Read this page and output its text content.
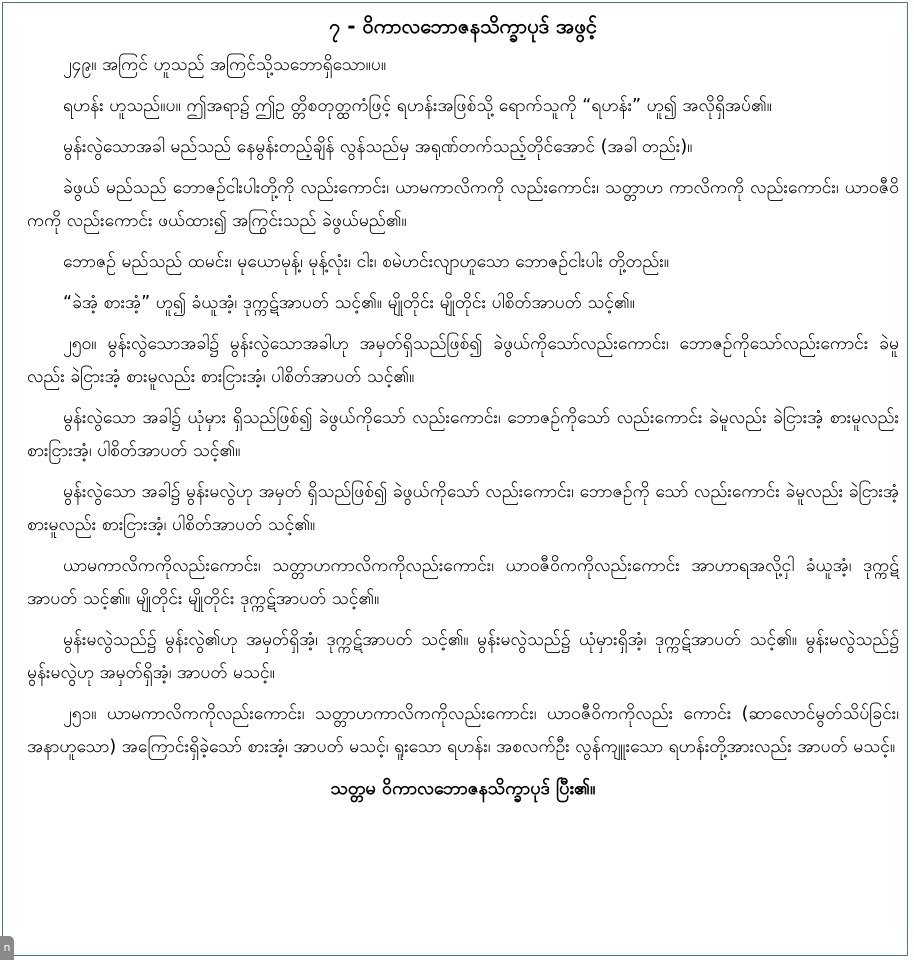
၇ - ဝိကာလဘောဇနသိက္ခာပုဒ် အဖွင့်
၂၄၉။ အကြင် ဟူသည် အကြင်သို့သဘောရှိသော။ပ။
ရဟန်း ဟူသည်။ပ။ ဤအရာ၌ ဤဥ တ္တိစတုတ္ထကံဖြင့် ရဟန်းအဖြစ်သို့ ရောက်သူကို “ရဟန်း” ဟူ၍ အလိုရှိအပ်၏။
မွန်းလွဲသောအခါ မည်သည် နေမွန်းတည့်ချိန် လွန်သည်မှ အရုဏ်တက်သည့်တိုင်အောင် (အခါ တည်း)။
ခဲဖွယ် မည်သည် ဘောဇဉ်ငါးပါးတို့ကို လည်းကောင်း၊ ယာမကာလိကကို လည်းကောင်း၊ သတ္တာဟ ကာလိကကို လည်းကောင်း၊ ယာဝဇီဝိကကို လည်းကောင်း ဖယ်ထား၍ အကြွင်းသည် ခဲဖွယ်မည်၏။
ဘောဇဉ် မည်သည် ထမင်း၊ မုယောမုန့်၊ မုန့်လုံး၊ ငါး၊ စမဲဟင်းလျာဟူသော ဘောဇဉ်ငါးပါး တို့တည်း။
“ခဲအံ့ စားအံ့” ဟူ၍ ခံယူအံ့၊ ဒုက္ကဋ်အာပတ် သင့်၏။ မျိုတိုင်း မျိုတိုင်း ပါစိတ်အာပတ် သင့်၏။
၂၅၀။ မွန်းလွဲသောအခါ၌ မွန်းလွဲသောအခါဟု အမှတ်ရှိသည်ဖြစ်၍ ခဲဖွယ်ကိုသော်လည်းကောင်း၊ ဘောဇဉ်ကိုသော်လည်းကောင်း ခဲမူလည်း ခဲငြားအံ့ စားမူလည်း စားငြားအံ့၊ ပါစိတ်အာပတ် သင့်၏။
မွန်းလွဲသော အခါ၌ ယုံမှား ရှိသည်ဖြစ်၍ ခဲဖွယ်ကိုသော် လည်းကောင်း၊ ဘောဇဉ်ကိုသော် လည်းကောင်း ခဲမူလည်း ခဲငြားအံ့ စားမူလည်း စားငြားအံ့၊ ပါစိတ်အာပတ် သင့်၏။
မွန်းလွဲသော အခါ၌ မွန်းမလွဲဟု အမှတ် ရှိသည်ဖြစ်၍ ခဲဖွယ်ကိုသော် လည်းကောင်း၊ ဘောဇဉ်ကို သော် လည်းကောင်း ခဲမူလည်း ခဲငြားအံ့ စားမူလည်း စားငြားအံ့၊ ပါစိတ်အာပတ် သင့်၏။
ယာမကာလိကကိုလည်းကောင်း၊ သတ္တာဟကာလိကကိုလည်းကောင်း၊ ယာဝဇီဝိကကိုလည်းကောင်း အာဟာရအလို့ငှါ ခံယူအံ့၊ ဒုက္ကဋ်အာပတ် သင့်၏။ မျိုတိုင်း မျိုတိုင်း ဒုက္ကဋ်အာပတ် သင့်၏။
မွန်းမလွဲသည်၌ မွန်းလွဲ၏ဟု အမှတ်ရှိအံ့၊ ဒုက္ကဋ်အာပတ် သင့်၏။ မွန်းမလွဲသည်၌ ယုံမှားရှိအံ့၊ ဒုက္ကဋ်အာပတ် သင့်၏။ မွန်းမလွဲသည်၌ မွန်းမလွဲဟု အမှတ်ရှိအံ့၊ အာပတ် မသင့်။
၂၅၁။ ယာမကာလိကကိုလည်းကောင်း၊ သတ္တာဟကာလိကကိုလည်းကောင်း၊ ယာဝဇီဝိကကိုလည်း ကောင်း (ဆာလောင်မွတ်သိပ်ခြင်း၊ အနာဟူသော) အကြောင်းရှိခဲ့သော် စားအံ့၊ အာပတ် မသင့်၊ ရူးသော ရဟန်း၊ အစလက်ဦး လွန်ကျူးသော ရဟန်းတို့အားလည်း အာပတ် မသင့်။
သတ္တမ ဝိကာလဘောဇနသိက္ခာပုဒ် ပြီး၏။
n
